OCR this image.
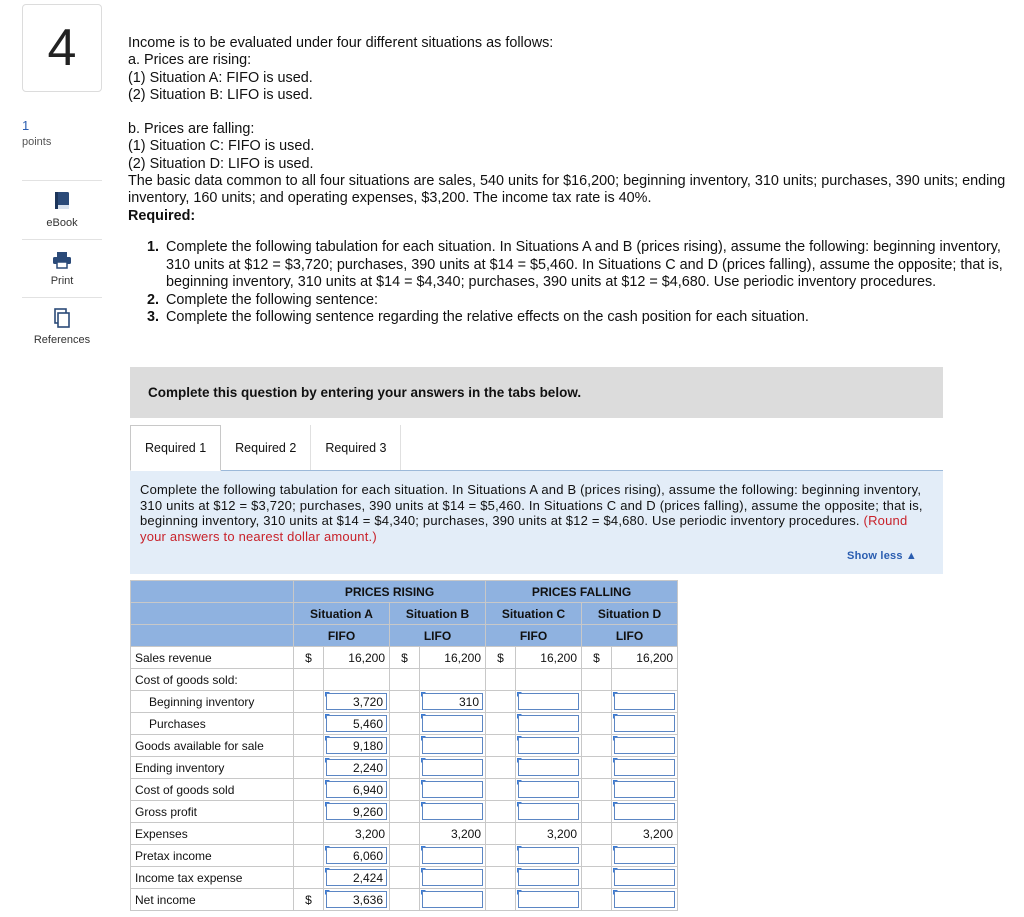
4
1
points
eBook
Print
References
Income is to be evaluated under four different situations as follows:
a. Prices are rising:
(1) Situation A: FIFO is used.
(2) Situation B: LIFO is used.
b. Prices are falling:
(1) Situation C: FIFO is used.
(2) Situation D: LIFO is used.
The basic data common to all four situations are sales, 540 units for $16,200; beginning inventory, 310 units; purchases, 390 units; ending inventory, 160 units; and operating expenses, $3,200. The income tax rate is 40%.
Required:
1. Complete the following tabulation for each situation. In Situations A and B (prices rising), assume the following: beginning inventory, 310 units at $12 = $3,720; purchases, 390 units at $14 = $5,460. In Situations C and D (prices falling), assume the opposite; that is, beginning inventory, 310 units at $14 = $4,340; purchases, 390 units at $12 = $4,680. Use periodic inventory procedures.
2. Complete the following sentence:
3. Complete the following sentence regarding the relative effects on the cash position for each situation.
Complete this question by entering your answers in the tabs below.
Required 1	Required 2	Required 3
Complete the following tabulation for each situation. In Situations A and B (prices rising), assume the following: beginning inventory, 310 units at $12 = $3,720; purchases, 390 units at $14 = $5,460. In Situations C and D (prices falling), assume the opposite; that is, beginning inventory, 310 units at $14 = $4,340; purchases, 390 units at $12 = $4,680. Use periodic inventory procedures. (Round your answers to nearest dollar amount.)
Show less ▲
	PRICES RISING				PRICES FALLING			
	Situation A		Situation B		Situation C		Situation D	
	FIFO		LIFO		FIFO		LIFO	
Sales revenue	$	16,200	$	16,200	$	16,200	$	16,200
Cost of goods sold:								
Beginning inventory		3,720		310				

Purchases		5,460						

Goods available for sale		9,180						

Ending inventory		2,240						

Cost of goods sold		6,940						

Gross profit		9,260						

Expenses		3,200		3,200		3,200		3,200
Pretax income		6,060						

Income tax expense		2,424						

Net income	$	3,636						
